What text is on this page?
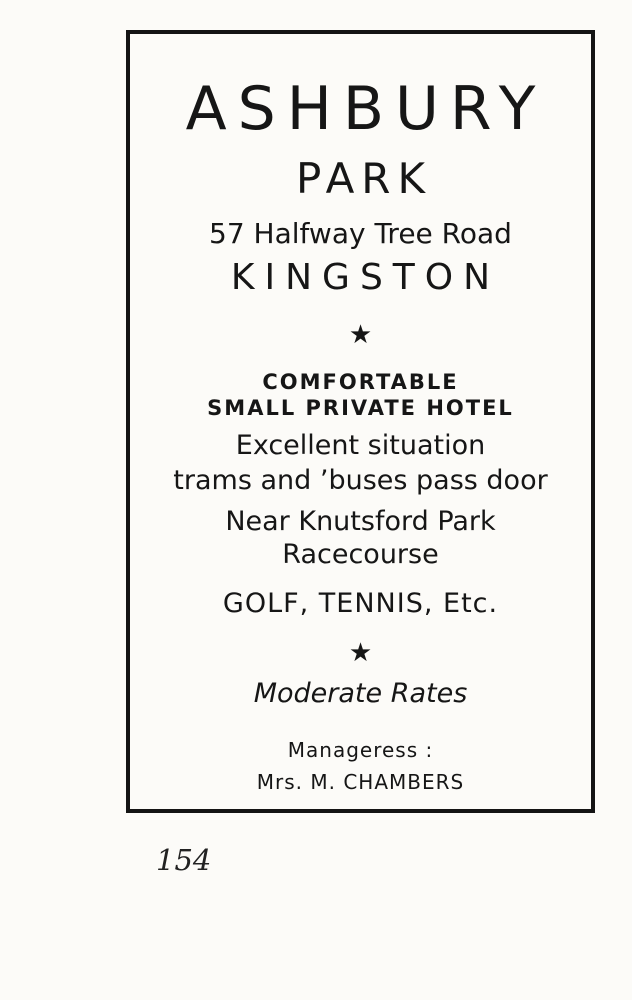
ASHBURY
PARK
57 Halfway Tree Road
KINGSTON
★
COMFORTABLE
SMALL PRIVATE HOTEL
Excellent situation
trams and ’buses pass door
Near Knutsford Park
Racecourse
GOLF, TENNIS, Etc.
★
Moderate Rates
Manageress :
Mrs. M. CHAMBERS
154
